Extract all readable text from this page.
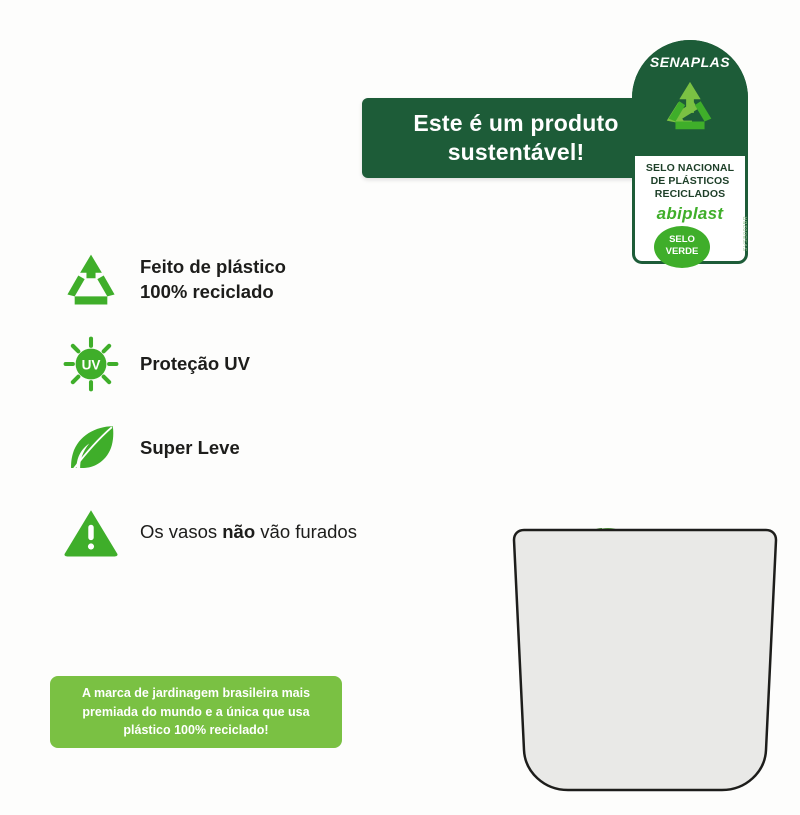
Este é um produto
sustentável!
SENAPLAS
SELO NACIONAL
DE PLÁSTICOS
RECICLADOS
abiplast
SELO
VERDE
SVSB002BR
Feito de plástico
100% reciclado
UV Proteção UV
Super Leve
Os vasos não vão furados
A marca de jardinagem brasileira mais
premiada do mundo e a única que usa
plástico 100% reciclado!
